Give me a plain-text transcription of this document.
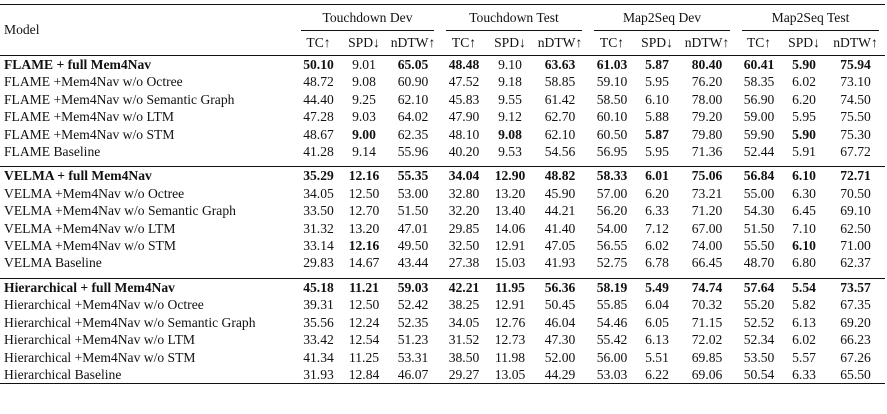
Model	Touchdown Dev			Touchdown Test			Map2Seq Dev			Map2Seq Test		

	TC↑	SPD↓	nDTW↑	TC↑	SPD↓	nDTW↑	TC↑	SPD↓	nDTW↑	TC↑	SPD↓	nDTW↑
FLAME + full Mem4Nav	50.10	9.01	65.05	48.48	9.10	63.63	61.03	5.87	80.40	60.41	5.90	75.94
FLAME +Mem4Nav w/o Octree	48.72	9.08	60.90	47.52	9.18	58.85	59.10	5.95	76.20	58.35	6.02	73.10
FLAME +Mem4Nav w/o Semantic Graph	44.40	9.25	62.10	45.83	9.55	61.42	58.50	6.10	78.00	56.90	6.20	74.50
FLAME +Mem4Nav w/o LTM	47.28	9.03	64.02	47.90	9.12	62.70	60.10	5.88	79.20	59.00	5.95	75.50
FLAME +Mem4Nav w/o STM	48.67	9.00	62.35	48.10	9.08	62.10	60.50	5.87	79.80	59.90	5.90	75.30
FLAME Baseline	41.28	9.14	55.96	40.20	9.53	54.56	56.95	5.95	71.36	52.44	5.91	67.72

VELMA + full Mem4Nav	35.29	12.16	55.35	34.04	12.90	48.82	58.33	6.01	75.06	56.84	6.10	72.71
VELMA +Mem4Nav w/o Octree	34.05	12.50	53.00	32.80	13.20	45.90	57.00	6.20	73.21	55.00	6.30	70.50
VELMA +Mem4Nav w/o Semantic Graph	33.50	12.70	51.50	32.20	13.40	44.21	56.20	6.33	71.20	54.30	6.45	69.10
VELMA +Mem4Nav w/o LTM	31.32	13.20	47.01	29.85	14.06	41.40	54.00	7.12	67.00	51.50	7.10	62.50
VELMA +Mem4Nav w/o STM	33.14	12.16	49.50	32.50	12.91	47.05	56.55	6.02	74.00	55.50	6.10	71.00
VELMA Baseline	29.83	14.67	43.44	27.38	15.03	41.93	52.75	6.78	66.45	48.70	6.80	62.37

Hierarchical + full Mem4Nav	45.18	11.21	59.03	42.21	11.95	56.36	58.19	5.49	74.74	57.64	5.54	73.57
Hierarchical +Mem4Nav w/o Octree	39.31	12.50	52.42	38.25	12.91	50.45	55.85	6.04	70.32	55.20	5.82	67.35
Hierarchical +Mem4Nav w/o Semantic Graph	35.56	12.24	52.35	34.05	12.76	46.04	54.46	6.05	71.15	52.52	6.13	69.20
Hierarchical +Mem4Nav w/o LTM	33.42	12.54	51.23	31.52	12.73	47.30	55.42	6.13	72.02	52.34	6.02	66.23
Hierarchical +Mem4Nav w/o STM	41.34	11.25	53.31	38.50	11.98	52.00	56.00	5.51	69.85	53.50	5.57	67.26
Hierarchical Baseline	31.93	12.84	46.07	29.27	13.05	44.29	53.03	6.22	69.06	50.54	6.33	65.50
